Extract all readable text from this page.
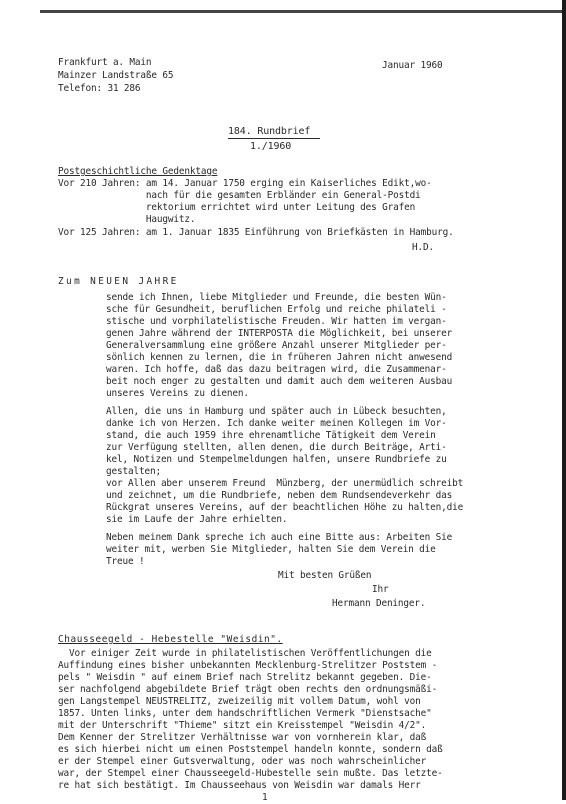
Frankfurt a. Main
Mainzer Landstraße 65
Telefon: 31 286
Januar 1960
184. Rundbrief
1./1960
Postgeschichtliche Gedenktage
Vor 210 Jahren: am 14. Januar 1750 erging ein Kaiserliches Edikt,wo-
nach für die gesamten Erbländer ein General-Postdi
rektorium errichtet wird unter Leitung des Grafen
Haugwitz.
Vor 125 Jahren: am 1. Januar 1835 Einführung von Briefkästen in Hamburg.
H.D.
Zum NEUEN JAHRE
sende ich Ihnen, liebe Mitglieder und Freunde, die besten Wün-
sche für Gesundheit, beruflichen Erfolg und reiche philateli -
stische und vorphilatelistische Freuden. Wir hatten im vergan-
genen Jahre während der INTERPOSTA die Möglichkeit, bei unserer
Generalversammlung eine größere Anzahl unserer Mitglieder per-
sönlich kennen zu lernen, die in früheren Jahren nicht anwesend
waren. Ich hoffe, daß das dazu beitragen wird, die Zusammenar-
beit noch enger zu gestalten und damit auch dem weiteren Ausbau
unseres Vereins zu dienen.
Allen, die uns in Hamburg und später auch in Lübeck besuchten,
danke ich von Herzen. Ich danke weiter meinen Kollegen im Vor-
stand, die auch 1959 ihre ehrenamtliche Tätigkeit dem Verein
zur Verfügung stellten, allen denen, die durch Beiträge, Arti-
kel, Notizen und Stempelmeldungen halfen, unsere Rundbriefe zu
gestalten;
vor Allen aber unserem Freund  Münzberg, der unermüdlich schreibt
und zeichnet, um die Rundbriefe, neben dem Rundsendeverkehr das
Rückgrat unseres Vereins, auf der beachtlichen Höhe zu halten,die
sie im Laufe der Jahre erhielten.
Neben meinem Dank spreche ich auch eine Bitte aus: Arbeiten Sie
weiter mit, werben Sie Mitglieder, halten Sie dem Verein die
Treue !
Mit besten Grüßen
Ihr
Hermann Deninger.
Chausseegeld - Hebestelle "Weisdin".
Vor einiger Zeit wurde in philatelistischen Veröffentlichungen die
Auffindung eines bisher unbekannten Mecklenburg-Strelitzer Poststem -
pels " Weisdin " auf einem Brief nach Strelitz bekannt gegeben. Die-
ser nachfolgend abgebildete Brief trägt oben rechts den ordnungsmäßi-
gen Langstempel NEUSTRELITZ, zweizeilig mit vollem Datum, wohl von
1857. Unten links, unter dem handschriftlichen Vermerk "Dienstsache"
mit der Unterschrift "Thieme" sitzt ein Kreisstempel "Weisdin 4/2".
Dem Kenner der Strelitzer Verhältnisse war von vornherein klar, daß
es sich hierbei nicht um einen Poststempel handeln konnte, sondern daß
er der Stempel einer Gutsverwaltung, oder was noch wahrscheinlicher
war, der Stempel einer Chausseegeld-Hubestelle sein mußte. Das letzte-
re hat sich bestätigt. Im Chausseehaus von Weisdin war damals Herr
1
